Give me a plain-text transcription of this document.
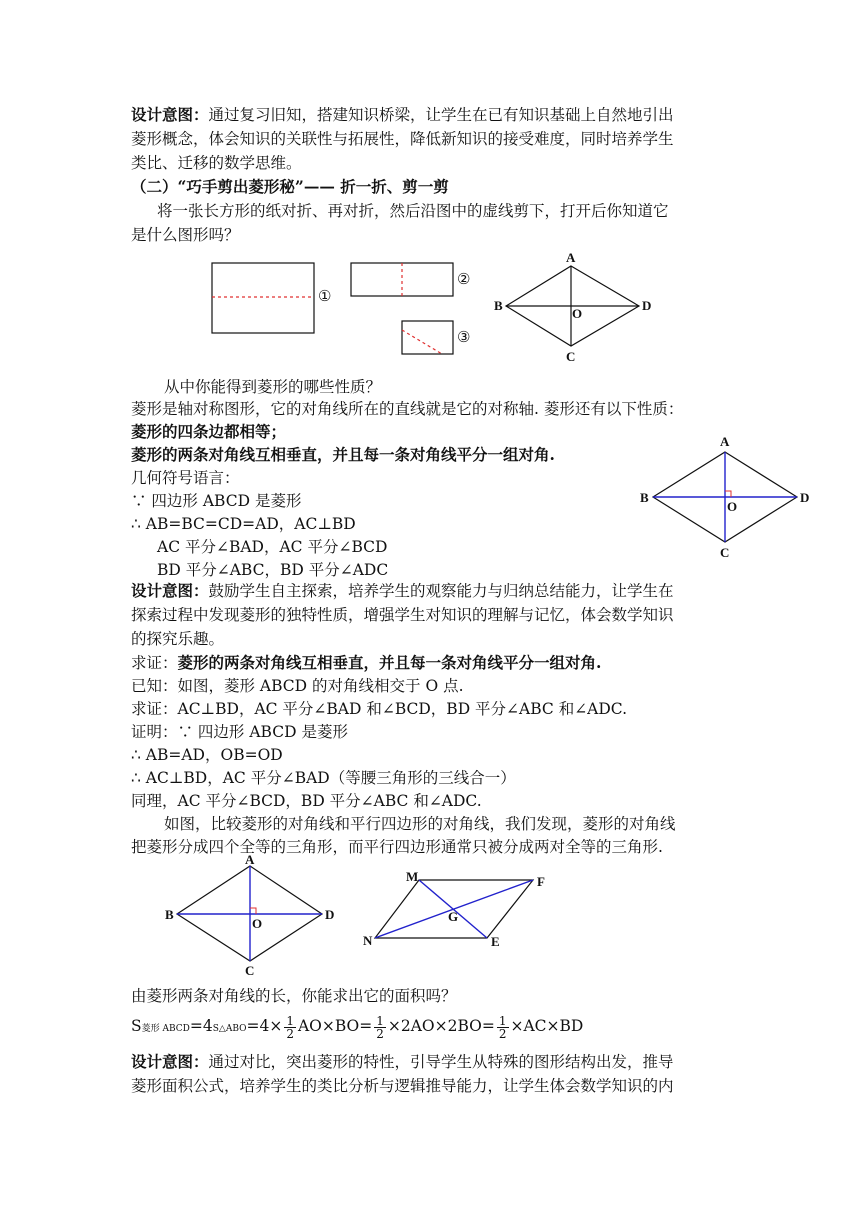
设计意图：通过复习旧知，搭建知识桥梁，让学生在已有知识基础上自然地引出
菱形概念，体会知识的关联性与拓展性，降低新知识的接受难度，同时培养学生
类比、迁移的数学思维。
（二）“巧手剪出菱形秘”—— 折一折、剪一剪
将一张长方形的纸对折、再对折，然后沿图中的虚线剪下，打开后你知道它
是什么图形吗？
①
②
③
A
B
C
D
O
从中你能得到菱形的哪些性质？
菱形是轴对称图形，它的对角线所在的直线就是它的对称轴. 菱形还有以下性质：
菱形的四条边都相等；
菱形的两条对角线互相垂直，并且每一条对角线平分一组对角.
几何符号语言：
∵ 四边形 ABCD 是菱形
∴ AB=BC=CD=AD，AC⊥BD
AC 平分∠BAD，AC 平分∠BCD
BD 平分∠ABC，BD 平分∠ADC
A
B
C
D
O
设计意图：鼓励学生自主探索，培养学生的观察能力与归纳总结能力，让学生在
探索过程中发现菱形的独特性质，增强学生对知识的理解与记忆，体会数学知识
的探究乐趣。
求证：菱形的两条对角线互相垂直，并且每一条对角线平分一组对角.
已知：如图，菱形 ABCD 的对角线相交于 O 点.
求证：AC⊥BD，AC 平分∠BAD 和∠BCD，BD 平分∠ABC 和∠ADC.
证明：∵ 四边形 ABCD 是菱形
∴ AB=AD，OB=OD
∴ AC⊥BD，AC 平分∠BAD（等腰三角形的三线合一）
同理，AC 平分∠BCD，BD 平分∠ABC 和∠ADC.
如图，比较菱形的对角线和平行四边形的对角线，我们发现，菱形的对角线
把菱形分成四个全等的三角形，而平行四边形通常只被分成两对全等的三角形.
A
B
C
D
O
M	F
G
N	E
由菱形两条对角线的长，你能求出它的面积吗？
S菱形 ABCD=4S△ABO=4× $\frac{1}{2} AO\times BO= \frac{1}{2} \times 2AO\times 2BO= \frac{1}{2} \times AC\times BD$
设计意图：通过对比，突出菱形的特性，引导学生从特殊的图形结构出发，推导
菱形面积公式，培养学生的类比分析与逻辑推导能力，让学生体会数学知识的内
